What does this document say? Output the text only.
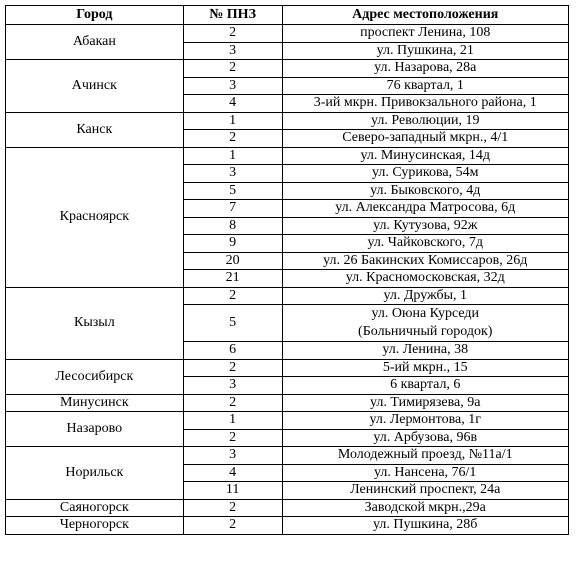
Город	№ ПНЗ	Адрес местоположения
Абакан	2	проспект Ленина, 108

	3	ул. Пушкина, 21

Ачинск	2	ул. Назарова, 28а

	3	76 квартал, 1

	4	3-ий мкрн. Привокзального района, 1

Канск	1	ул. Революции, 19

	2	Северо-западный мкрн., 4/1

Красноярск	1	ул. Минусинская, 14д

	3	ул. Сурикова, 54м

	5	ул. Быковского, 4д

	7	ул. Александра Матросова, 6д

	8	ул. Кутузова, 92ж

	9	ул. Чайковского, 7д

	20	ул. 26 Бакинских Комиссаров, 26д

	21	ул. Красномосковская, 32д

Кызыл	2	ул. Дружбы, 1

	5	ул. Оюна Курседи
(Больничный городок)

	6	ул. Ленина, 38

Лесосибирск	2	5-ий мкрн., 15

	3	6 квартал, 6

Минусинск	2	ул. Тимирязева, 9а

Назарово	1	ул. Лермонтова, 1г

	2	ул. Арбузова, 96в

Норильск	3	Молодежный проезд, №11а/1

	4	ул. Нансена, 76/1

	11	Ленинский проспект, 24а

Саяногорск	2	Заводской мкрн.,29а

Черногорск	2	ул. Пушкина, 28б
